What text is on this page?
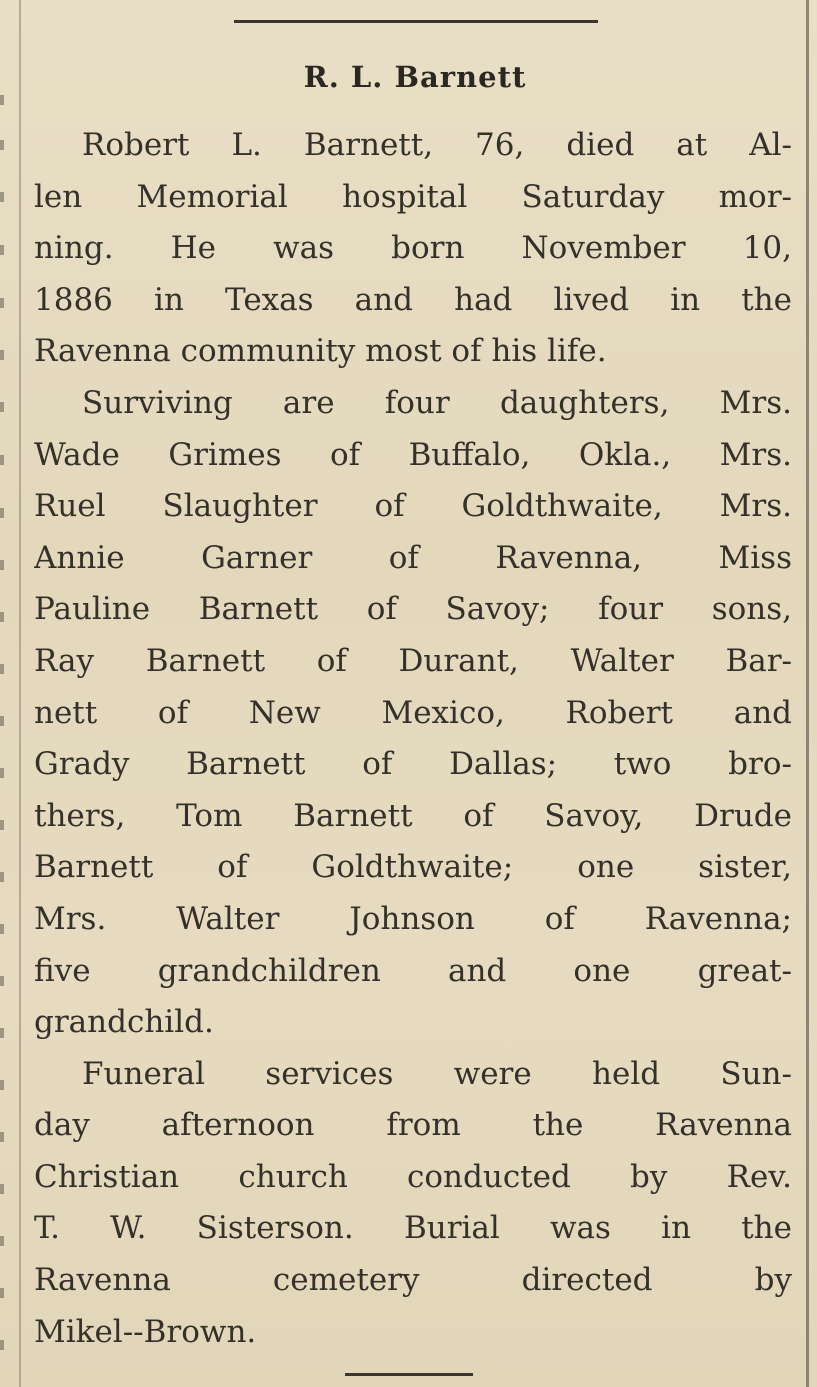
R. L. Barnett
Robert L. Barnett, 76, died at Al-
len Memorial hospital Saturday mor-
ning. He was born November 10,
1886 in Texas and had lived in the
Ravenna community most of his life.
Surviving are four daughters, Mrs.
Wade Grimes of Buffalo, Okla., Mrs.
Ruel Slaughter of Goldthwaite, Mrs.
Annie Garner of Ravenna, Miss
Pauline Barnett of Savoy; four sons,
Ray Barnett of Durant, Walter Bar-
nett of New Mexico, Robert and
Grady Barnett of Dallas; two bro-
thers, Tom Barnett of Savoy, Drude
Barnett of Goldthwaite; one sister,
Mrs. Walter Johnson of Ravenna;
five grandchildren and one great-
grandchild.
Funeral services were held Sun-
day afternoon from the Ravenna
Christian church conducted by Rev.
T. W. Sisterson. Burial was in the
Ravenna cemetery directed by
Mikel--Brown.
